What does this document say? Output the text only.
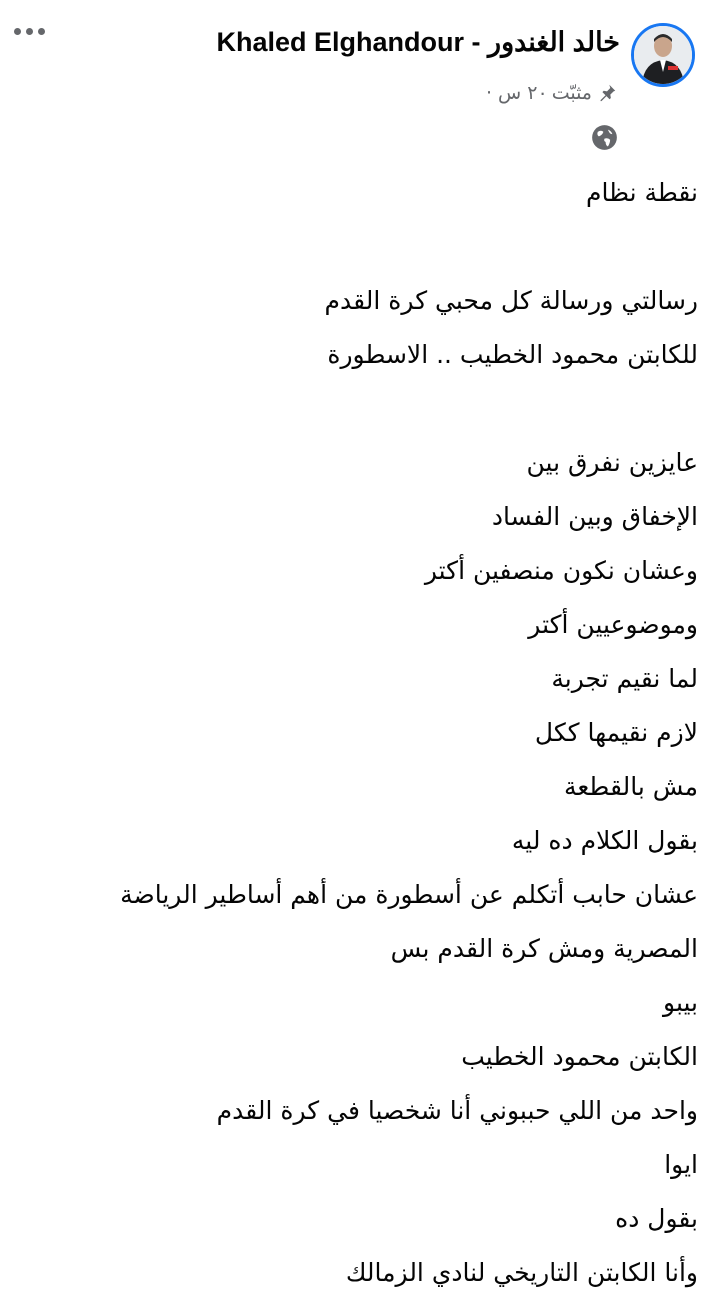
Khaled Elghandour - خالد الغندور
مثبّت
٢٠ س ·
نقطة نظام
رسالتي ورسالة كل محبي كرة القدم
للكابتن محمود الخطيب .. الاسطورة
عايزين نفرق بين
الإخفاق وبين الفساد
وعشان نكون منصفين أكتر
وموضوعيين أكتر
لما نقيم تجربة
لازم نقيمها ككل
مش بالقطعة
بقول الكلام ده ليه
عشان حابب أتكلم عن أسطورة من أهم أساطير الرياضة
المصرية ومش كرة القدم بس
بيبو
الكابتن محمود الخطيب
واحد من اللي حببوني أنا شخصيا في كرة القدم
ايوا
بقول ده
وأنا الكابتن التاريخي لنادي الزمالك
